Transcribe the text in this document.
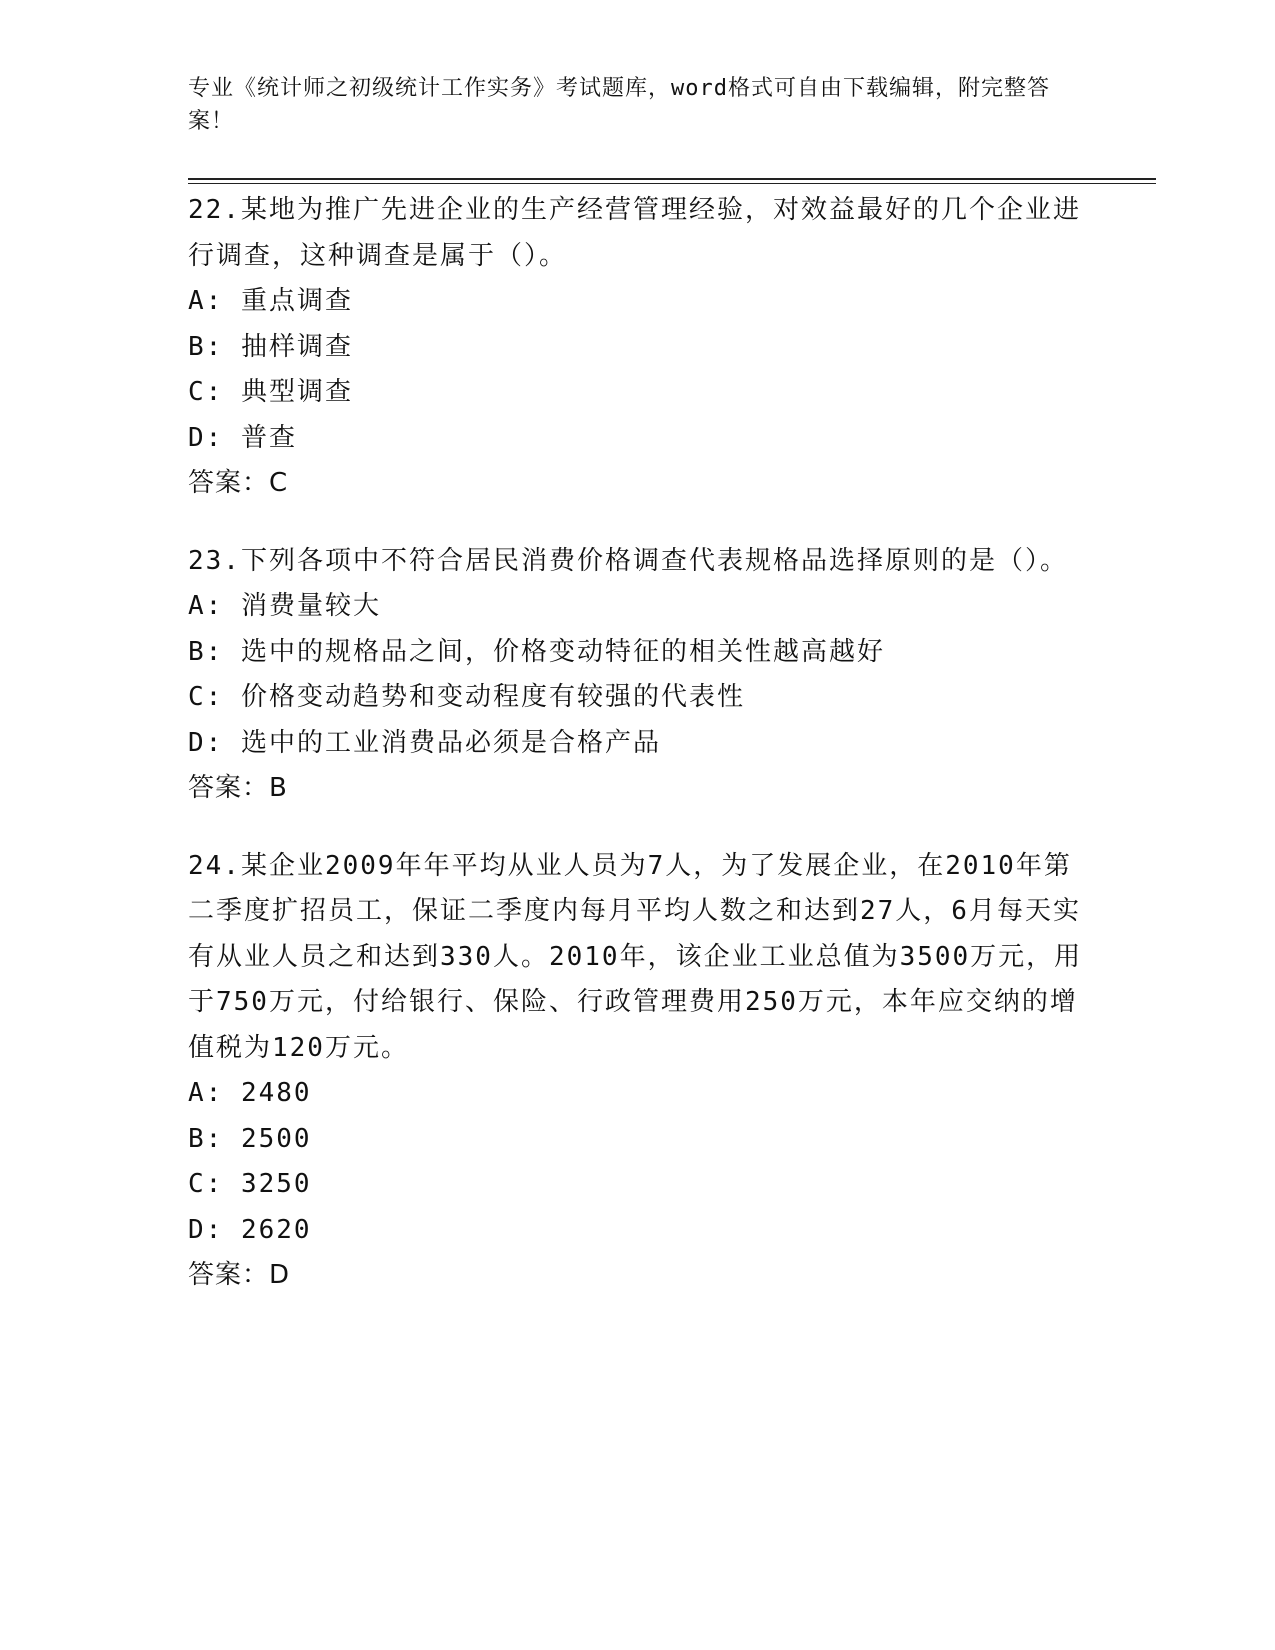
专业《统计师之初级统计工作实务》考试题库，word格式可自由下载编辑，附完整答案！

22.某地为推广先进企业的生产经营管理经验，对效益最好的几个企业进行调查，这种调查是属于（）。

A : 重点调查

B : 抽样调查

C : 典型调查

D : 普查

答案：C

23.下列各项中不符合居民消费价格调查代表规格品选择原则的是（）。

A : 消费量较大

B : 选中的规格品之间，价格变动特征的相关性越高越好

C : 价格变动趋势和变动程度有较强的代表性

D : 选中的工业消费品必须是合格产品

答案：B

24.某企业2009年年平均从业人员为7人，为了发展企业，在2010年第二季度扩招员工，保证二季度内每月平均人数之和达到27人，6月每天实有从业人员之和达到330人。2010年，该企业工业总值为3500万元，用于750万元，付给银行、保险、行政管理费用250万元，本年应交纳的增值税为120万元。

A : 2480

B : 2500

C : 3250

D : 2620

答案：D
